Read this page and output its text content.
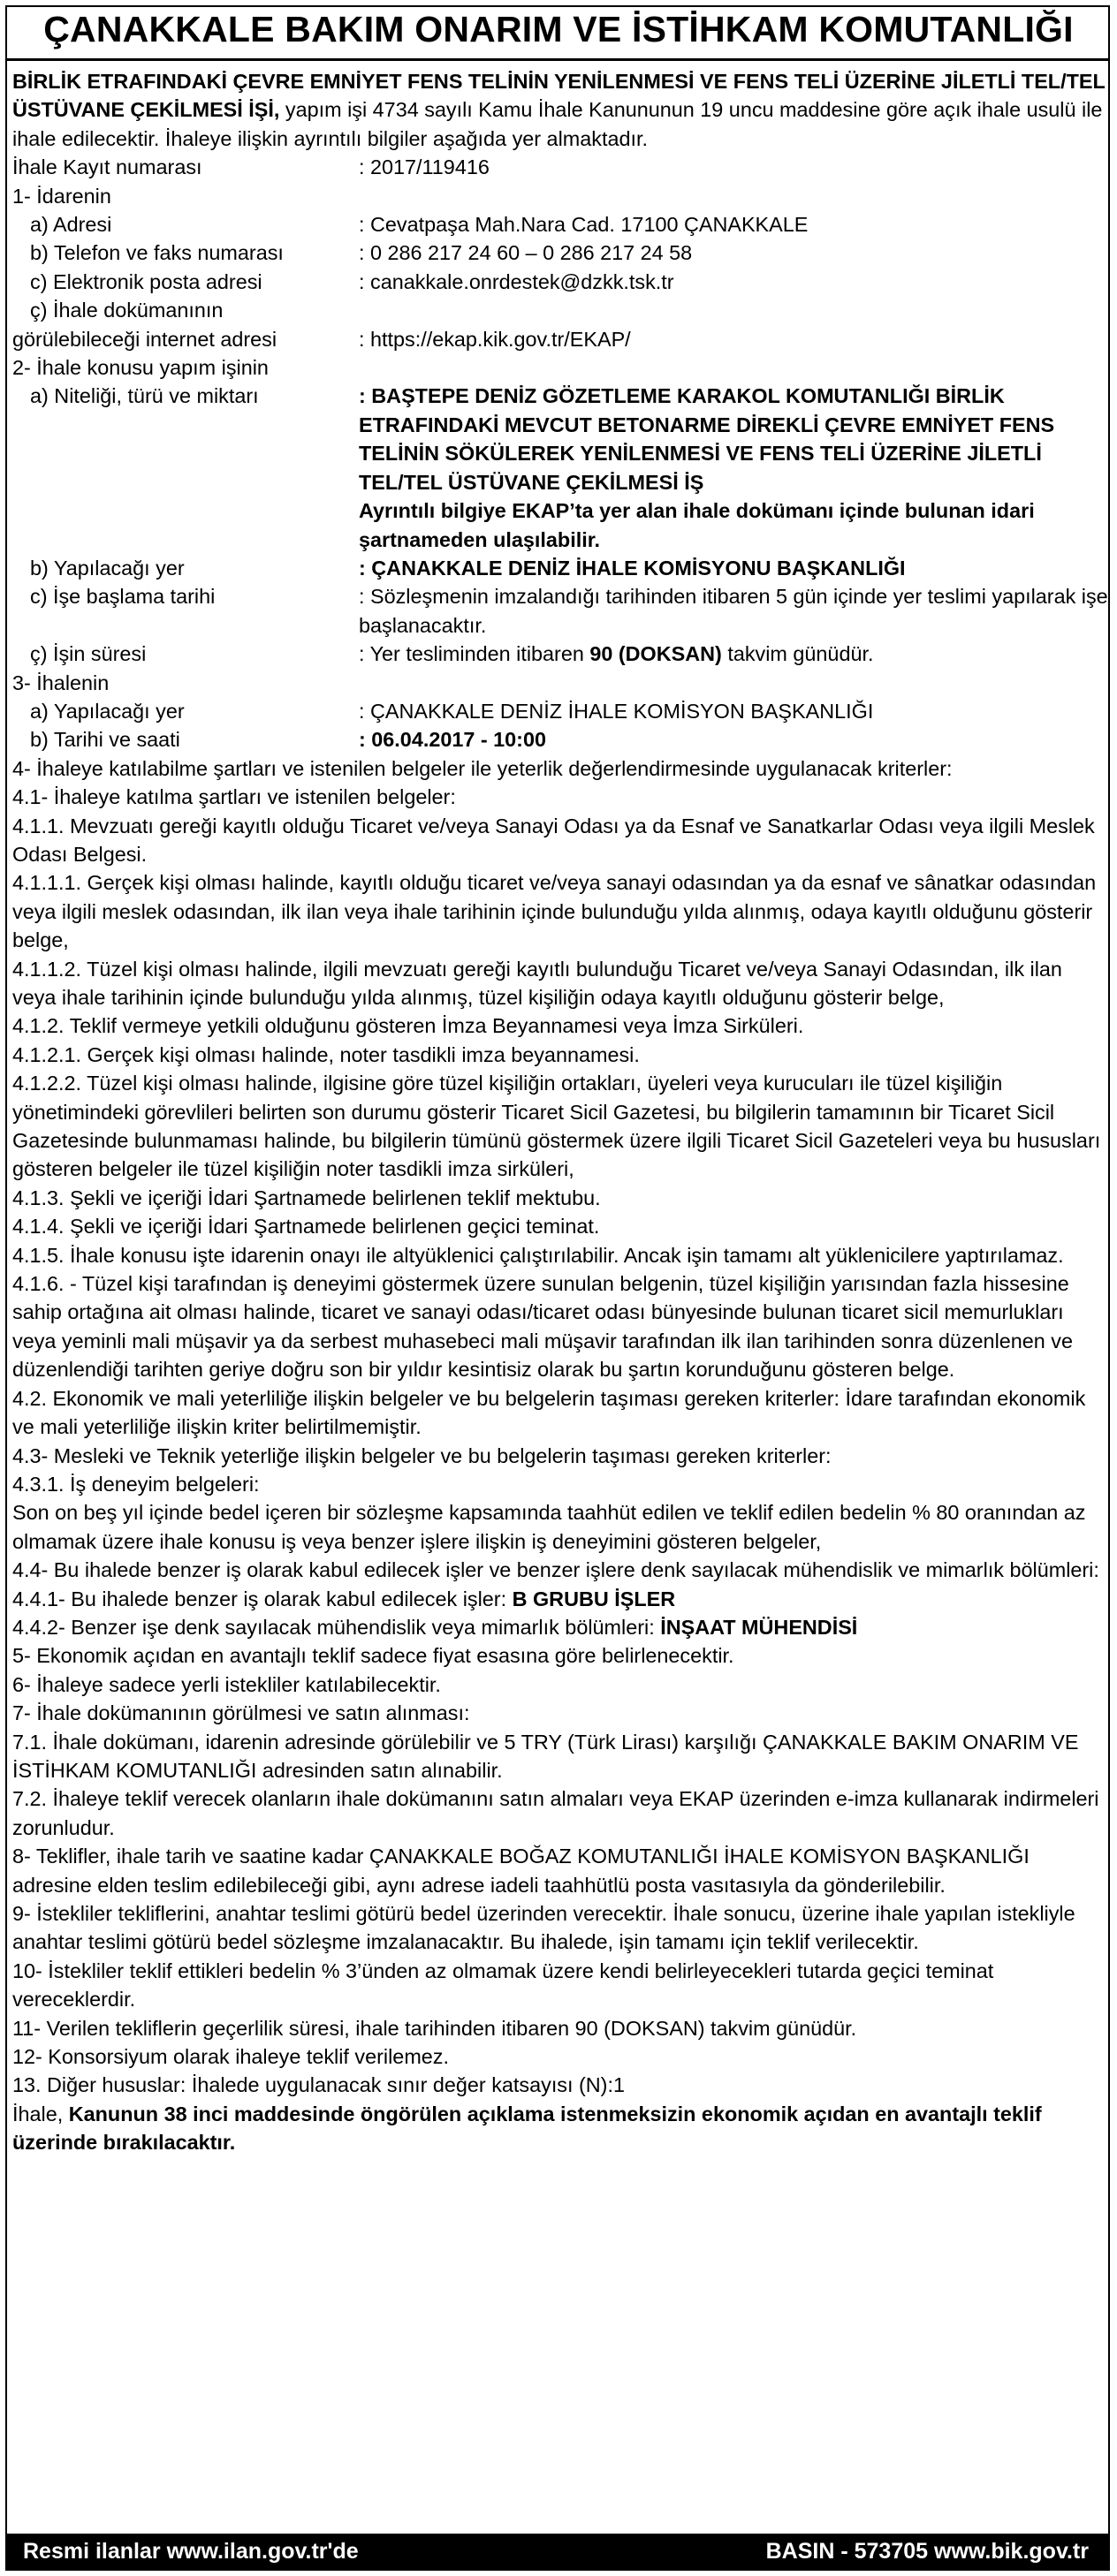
ÇANAKKALE BAKIM ONARIM VE İSTİHKAM KOMUTANLIĞI

BİRLİK ETRAFINDAKİ ÇEVRE EMNİYET FENS TELİNİN YENİLENMESİ VE FENS TELİ ÜZERİNE JİLETLİ TEL/TEL ÜSTÜVANE ÇEKİLMESİ İŞİ, yapım işi 4734 sayılı Kamu İhale Kanununun 19 uncu maddesine göre açık ihale usulü ile ihale edilecektir. İhaleye ilişkin ayrıntılı bilgiler aşağıda yer almaktadır.

İhale Kayıt numarası	: 2017/119416

1- İdarenin

a) Adresi	: Cevatpaşa Mah.Nara Cad. 17100 ÇANAKKALE
b) Telefon ve faks numarası	: 0 286 217 24 60 – 0 286 217 24 58
c) Elektronik posta adresi	: canakkale.onrdestek@dzkk.tsk.tr

ç) İhale dokümanının

görülebileceği internet adresi	: https://ekap.kik.gov.tr/EKAP/

2- İhale konusu yapım işinin

a) Niteliği, türü ve miktarı	: BAŞTEPE DENİZ GÖZETLEME KARAKOL KOMUTANLIĞI BİRLİK ETRAFINDAKİ MEVCUT BETONARME DİREKLİ ÇEVRE EMNİYET FENS TELİNİN SÖKÜLEREK YENİLENMESİ VE FENS TELİ ÜZERİNE JİLETLİ TEL/TEL ÜSTÜVANE ÇEKİLMESİ İŞ
Ayrıntılı bilgiye EKAP’ta yer alan ihale dokümanı içinde bulunan idari şartnameden ulaşılabilir.
b) Yapılacağı yer	: ÇANAKKALE DENİZ İHALE KOMİSYONU BAŞKANLIĞI
c) İşe başlama tarihi	: Sözleşmenin imzalandığı tarihinden itibaren 5 gün içinde yer teslimi yapılarak işe başlanacaktır.
ç) İşin süresi	: Yer tesliminden itibaren 90 (DOKSAN) takvim günüdür.

3- İhalenin

a) Yapılacağı yer	: ÇANAKKALE DENİZ İHALE KOMİSYON BAŞKANLIĞI
b) Tarihi ve saati	: 06.04.2017 - 10:00

4- İhaleye katılabilme şartları ve istenilen belgeler ile yeterlik değerlendirmesinde uygulanacak kriterler:

4.1- İhaleye katılma şartları ve istenilen belgeler:

4.1.1. Mevzuatı gereği kayıtlı olduğu Ticaret ve/veya Sanayi Odası ya da Esnaf ve Sanatkarlar Odası veya ilgili Meslek Odası Belgesi.

4.1.1.1. Gerçek kişi olması halinde, kayıtlı olduğu ticaret ve/veya sanayi odasından ya da esnaf ve sânatkar odasından veya ilgili meslek odasından, ilk ilan veya ihale tarihinin içinde bulunduğu yılda alınmış, odaya kayıtlı olduğunu gösterir belge,

4.1.1.2. Tüzel kişi olması halinde, ilgili mevzuatı gereği kayıtlı bulunduğu Ticaret ve/veya Sanayi Odasından, ilk ilan veya ihale tarihinin içinde bulunduğu yılda alınmış, tüzel kişiliğin odaya kayıtlı olduğunu gösterir belge,

4.1.2. Teklif vermeye yetkili olduğunu gösteren İmza Beyannamesi veya İmza Sirküleri.

4.1.2.1. Gerçek kişi olması halinde, noter tasdikli imza beyannamesi.

4.1.2.2. Tüzel kişi olması halinde, ilgisine göre tüzel kişiliğin ortakları, üyeleri veya kurucuları ile tüzel kişiliğin yönetimindeki görevlileri belirten son durumu gösterir Ticaret Sicil Gazetesi, bu bilgilerin tamamının bir Ticaret Sicil Gazetesinde bulunmaması halinde, bu bilgilerin tümünü göstermek üzere ilgili Ticaret Sicil Gazeteleri veya bu hususları gösteren belgeler ile tüzel kişiliğin noter tasdikli imza sirküleri,

4.1.3. Şekli ve içeriği İdari Şartnamede belirlenen teklif mektubu.

4.1.4. Şekli ve içeriği İdari Şartnamede belirlenen geçici teminat.

4.1.5. İhale konusu işte idarenin onayı ile altyüklenici çalıştırılabilir. Ancak işin tamamı alt yüklenicilere yaptırılamaz.

4.1.6. - Tüzel kişi tarafından iş deneyimi göstermek üzere sunulan belgenin, tüzel kişiliğin yarısından fazla hissesine sahip ortağına ait olması halinde, ticaret ve sanayi odası/ticaret odası bünyesinde bulunan ticaret sicil memurlukları veya yeminli mali müşavir ya da serbest muhasebeci mali müşavir tarafından ilk ilan tarihinden sonra düzenlenen ve düzenlendiği tarihten geriye doğru son bir yıldır kesintisiz olarak bu şartın korunduğunu gösteren belge.

4.2. Ekonomik ve mali yeterliliğe ilişkin belgeler ve bu belgelerin taşıması gereken kriterler: İdare tarafından ekonomik ve mali yeterliliğe ilişkin kriter belirtilmemiştir.

4.3- Mesleki ve Teknik yeterliğe ilişkin belgeler ve bu belgelerin taşıması gereken kriterler:

4.3.1. İş deneyim belgeleri:

Son on beş yıl içinde bedel içeren bir sözleşme kapsamında taahhüt edilen ve teklif edilen bedelin % 80 oranından az olmamak üzere ihale konusu iş veya benzer işlere ilişkin iş deneyimini gösteren belgeler,

4.4- Bu ihalede benzer iş olarak kabul edilecek işler ve benzer işlere denk sayılacak mühendislik ve mimarlık bölümleri:

4.4.1- Bu ihalede benzer iş olarak kabul edilecek işler: B GRUBU İŞLER

4.4.2- Benzer işe denk sayılacak mühendislik veya mimarlık bölümleri: İNŞAAT MÜHENDİSİ

5- Ekonomik açıdan en avantajlı teklif sadece fiyat esasına göre belirlenecektir.

6- İhaleye sadece yerli istekliler katılabilecektir.

7- İhale dokümanının görülmesi ve satın alınması:

7.1. İhale dokümanı, idarenin adresinde görülebilir ve 5 TRY (Türk Lirası) karşılığı ÇANAKKALE BAKIM ONARIM VE İSTİHKAM KOMUTANLIĞI adresinden satın alınabilir.

7.2. İhaleye teklif verecek olanların ihale dokümanını satın almaları veya EKAP üzerinden e-imza kullanarak indirmeleri zorunludur.

8- Teklifler, ihale tarih ve saatine kadar ÇANAKKALE BOĞAZ KOMUTANLIĞI İHALE KOMİSYON BAŞKANLIĞI adresine elden teslim edilebileceği gibi, aynı adrese iadeli taahhütlü posta vasıtasıyla da gönderilebilir.

9- İstekliler tekliflerini, anahtar teslimi götürü bedel üzerinden verecektir. İhale sonucu, üzerine ihale yapılan istekliyle anahtar teslimi götürü bedel sözleşme imzalanacaktır. Bu ihalede, işin tamamı için teklif verilecektir.

10- İstekliler teklif ettikleri bedelin % 3’ünden az olmamak üzere kendi belirleyecekleri tutarda geçici teminat vereceklerdir.

11- Verilen tekliflerin geçerlilik süresi, ihale tarihinden itibaren 90 (DOKSAN) takvim günüdür.

12- Konsorsiyum olarak ihaleye teklif verilemez.

13. Diğer hususlar: İhalede uygulanacak sınır değer katsayısı (N):1

İhale, Kanunun 38 inci maddesinde öngörülen açıklama istenmeksizin ekonomik açıdan en avantajlı teklif üzerinde bırakılacaktır.

Resmi ilanlar www.ilan.gov.tr'de	BASIN - 573705 www.bik.gov.tr
